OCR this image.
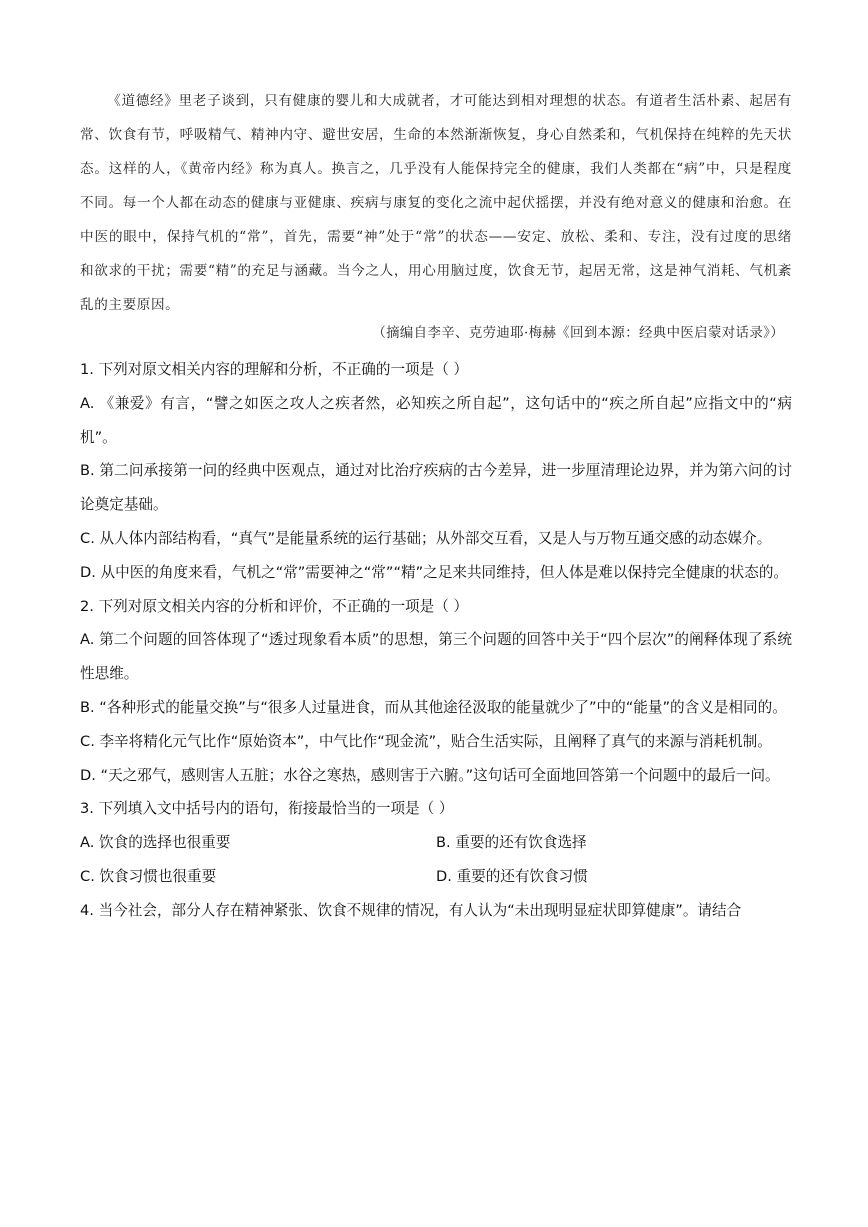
《道德经》里老子谈到，只有健康的婴儿和大成就者，才可能达到相对理想的状态。有道者生活朴素、起居有常、饮食有节，呼吸精气、精神内守、避世安居，生命的本然渐渐恢复，身心自然柔和，气机保持在纯粹的先天状态。这样的人，《黄帝内经》称为真人。换言之，几乎没有人能保持完全的健康，我们人类都在“病”中，只是程度不同。每一个人都在动态的健康与亚健康、疾病与康复的变化之流中起伏摇摆，并没有绝对意义的健康和治愈。在中医的眼中，保持气机的“常”，首先，需要“神”处于“常”的状态——安定、放松、柔和、专注，没有过度的思绪和欲求的干扰；需要“精”的充足与涵藏。当今之人，用心用脑过度，饮食无节，起居无常，这是神气消耗、气机紊乱的主要原因。

（摘编自李辛、克劳迪耶·梅赫《回到本源：经典中医启蒙对话录》）

1. 下列对原文相关内容的理解和分析，不正确的一项是（ ）

A. 《兼爱》有言，“譬之如医之攻人之疾者然，必知疾之所自起”，这句话中的“疾之所自起”应指文中的“病机”。

B. 第二问承接第一问的经典中医观点，通过对比治疗疾病的古今差异，进一步厘清理论边界，并为第六问的讨论奠定基础。

C. 从人体内部结构看，“真气”是能量系统的运行基础；从外部交互看，又是人与万物互通交感的动态媒介。

D. 从中医的角度来看，气机之“常”需要神之“常”“精”之足来共同维持，但人体是难以保持完全健康的状态的。

2. 下列对原文相关内容的分析和评价，不正确的一项是（ ）

A. 第二个问题的回答体现了“透过现象看本质”的思想，第三个问题的回答中关于“四个层次”的阐释体现了系统性思维。

B. “各种形式的能量交换”与“很多人过量进食，而从其他途径汲取的能量就少了”中的“能量”的含义是相同的。

C. 李辛将精化元气比作“原始资本”，中气比作“现金流”，贴合生活实际，且阐释了真气的来源与消耗机制。

D. “天之邪气，感则害人五脏；水谷之寒热，感则害于六腑。”这句话可全面地回答第一个问题中的最后一问。

3. 下列填入文中括号内的语句，衔接最恰当的一项是（ ）

A. 饮食的选择也很重要	B. 重要的还有饮食选择

C. 饮食习惯也很重要	D. 重要的还有饮食习惯

4. 当今社会，部分人存在精神紧张、饮食不规律的情况，有人认为“未出现明显症状即算健康”。请结合
